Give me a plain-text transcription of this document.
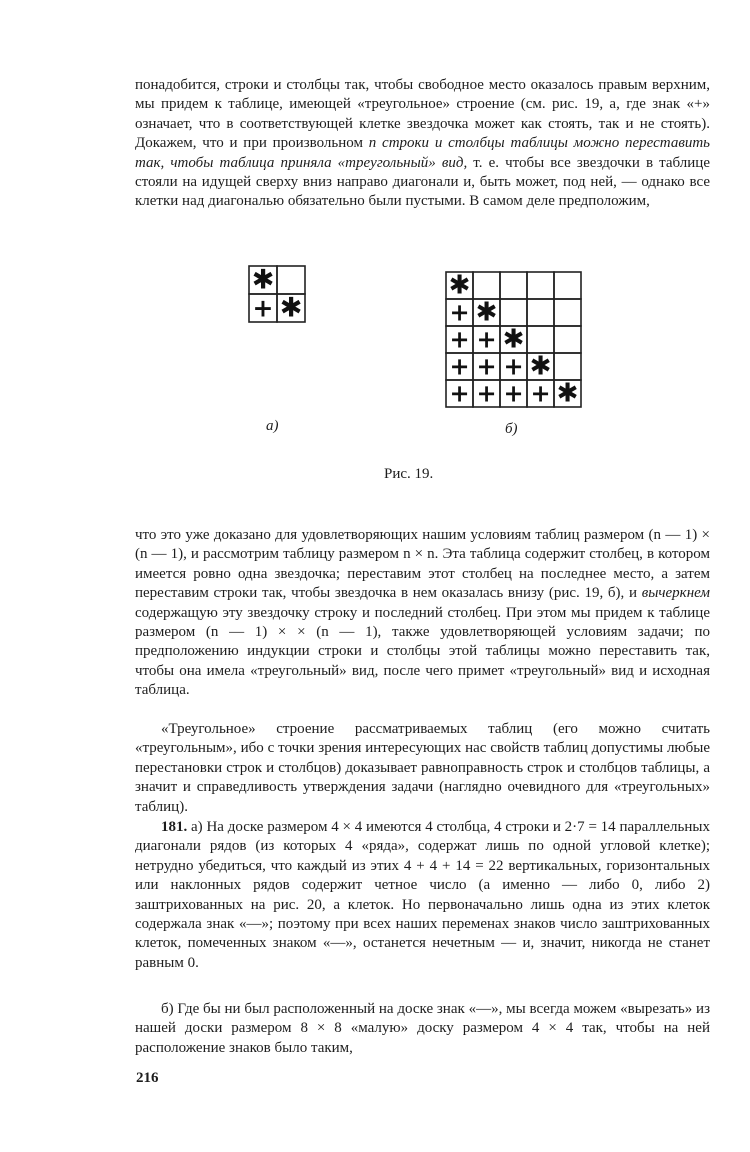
понадобится, строки и столбцы так, чтобы свободное место оказалось правым верхним, мы придем к таблице, имеющей «треугольное» строение (см. рис. 19, а, где знак «+» означает, что в соответствующей клетке звездочка может как стоять, так и не стоять). Докажем, что и при произвольном n строки и столбцы таблицы можно переставить так, чтобы таблица приняла «треугольный» вид, т. е. чтобы все звездочки в таблице стояли на идущей сверху вниз направо диагонали и, быть может, под ней, — однако все клетки над диагональю обязательно были пустыми. В самом деле предположим,

✱
+ ✱
✱
+ ✱
+ + ✱
+ + + ✱
+ + + + ✱
а)	б)
Рис. 19.

что это уже доказано для удовлетворяющих нашим условиям таблиц размером (n — 1) × (n — 1), и рассмотрим таблицу размером n × n. Эта таблица содержит столбец, в котором имеется ровно одна звездочка; переставим этот столбец на последнее место, а затем переставим строки так, чтобы звездочка в нем оказалась внизу (рис. 19, б), и вычеркнем содержащую эту звездочку строку и последний столбец. При этом мы придем к таблице размером (n — 1) × × (n — 1), также удовлетворяющей условиям задачи; по предположению индукции строки и столбцы этой таблицы можно переставить так, чтобы она имела «треугольный» вид, после чего примет «треугольный» вид и исходная таблица.

«Треугольное» строение рассматриваемых таблиц (его можно считать «треугольным», ибо с точки зрения интересующих нас свойств таблиц допустимы любые перестановки строк и столбцов) доказывает равноправность строк и столбцов таблицы, а значит и справедливость утверждения задачи (наглядно очевидного для «треугольных» таблиц).

181. а) На доске размером 4 × 4 имеются 4 столбца, 4 строки и 2·7 = 14 параллельных диагонали рядов (из которых 4 «ряда», содержат лишь по одной угловой клетке); нетрудно убедиться, что каждый из этих 4 + 4 + 14 = 22 вертикальных, горизонтальных или наклонных рядов содержит четное число (а именно — либо 0, либо 2) заштрихованных на рис. 20, а клеток. Но первоначально лишь одна из этих клеток содержала знак «—»; поэтому при всех наших переменах знаков число заштрихованных клеток, помеченных знаком «—», останется нечетным — и, значит, никогда не станет равным 0.

б) Где бы ни был расположенный на доске знак «—», мы всегда можем «вырезать» из нашей доски размером 8 × 8 «малую» доску размером 4 × 4 так, чтобы на ней расположение знаков было таким,

216
